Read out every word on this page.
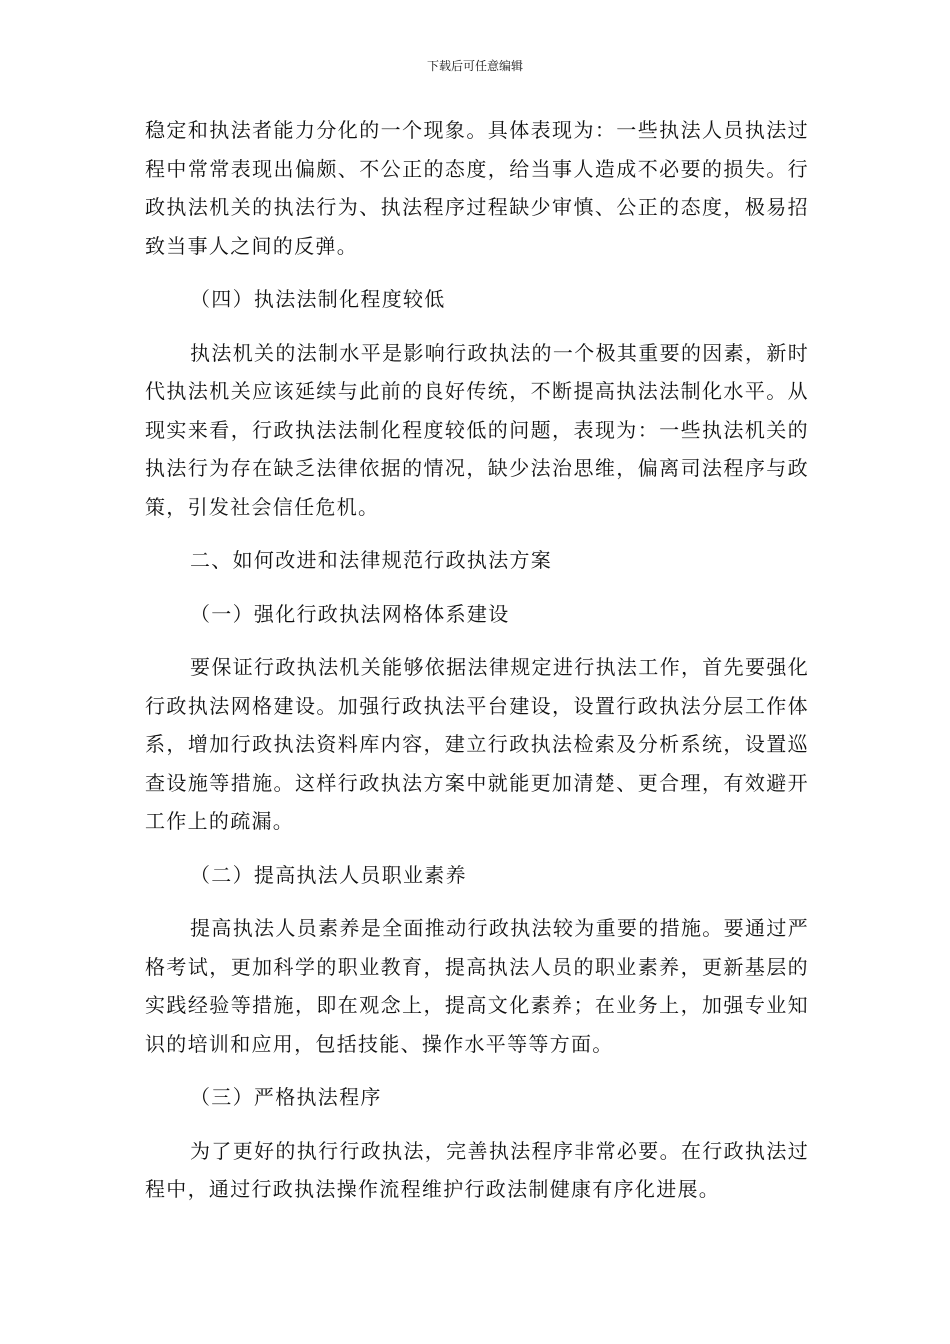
下载后可任意编辑

稳定和执法者能力分化的一个现象。具体表现为：一些执法人员执法过程中常常表现出偏颇、不公正的态度，给当事人造成不必要的损失。行政执法机关的执法行为、执法程序过程缺少审慎、公正的态度，极易招致当事人之间的反弹。

（四）执法法制化程度较低

执法机关的法制水平是影响行政执法的一个极其重要的因素，新时代执法机关应该延续与此前的良好传统，不断提高执法法制化水平。从现实来看，行政执法法制化程度较低的问题，表现为：一些执法机关的执法行为存在缺乏法律依据的情况，缺少法治思维，偏离司法程序与政策，引发社会信任危机。

二、如何改进和法律规范行政执法方案

（一）强化行政执法网格体系建设

要保证行政执法机关能够依据法律规定进行执法工作，首先要强化行政执法网格建设。加强行政执法平台建设，设置行政执法分层工作体系，增加行政执法资料库内容，建立行政执法检索及分析系统，设置巡查设施等措施。这样行政执法方案中就能更加清楚、更合理，有效避开工作上的疏漏。

（二）提高执法人员职业素养

提高执法人员素养是全面推动行政执法较为重要的措施。要通过严格考试，更加科学的职业教育，提高执法人员的职业素养，更新基层的实践经验等措施，即在观念上，提高文化素养；在业务上，加强专业知识的培训和应用，包括技能、操作水平等等方面。

（三）严格执法程序

为了更好的执行行政执法，完善执法程序非常必要。在行政执法过程中，通过行政执法操作流程维护行政法制健康有序化进展。
